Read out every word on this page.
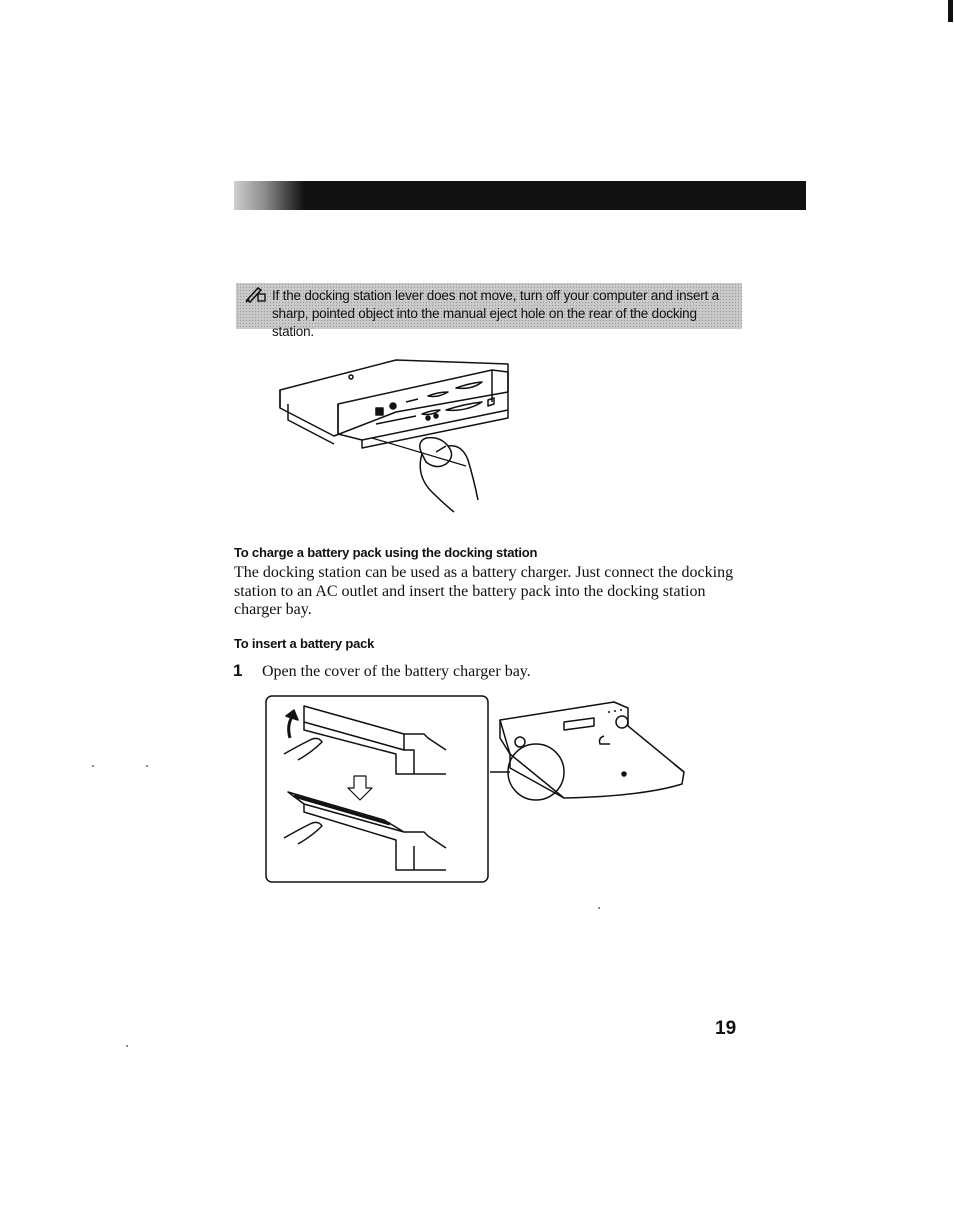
If the docking station lever does not move, turn off your computer and insert a sharp, pointed object into the manual eject hole on the rear of the docking station.
To charge a battery pack using the docking station
The docking station can be used as a battery charger. Just connect the docking station to an AC outlet and insert the battery pack into the docking station charger bay.
To insert a battery pack
1 Open the cover of the battery charger bay.
19
